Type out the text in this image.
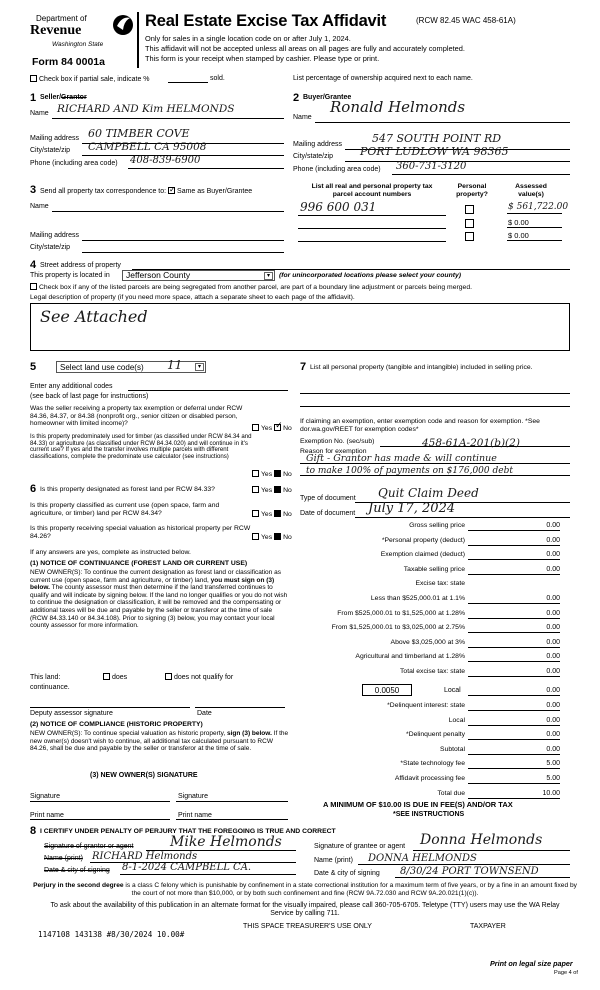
Department of
Revenue
Washington State
Form 84 0001a
Real Estate Excise Tax Affidavit	(RCW 82.45 WAC 458-61A)
Only for sales in a single location code on or after July 1, 2024.
This affidavit will not be accepted unless all areas on all pages are fully and accurately completed.
This form is your receipt when stamped by cashier. Please type or print.
Check box if partial sale, indicate %	sold.	List percentage of ownership acquired next to each name.
1 Seller/Grantor
Name RICHARD AND Kim HELMONDS
Mailing address 60 TIMBER COVE
City/state/zip CAMPBELL CA 95008
Phone (including area code) 408-839-6900
2 Buyer/Grantee
Name
Ronald Helmonds
Mailing address	547 SOUTH POINT RD
City/state/zip PORT LUDLOW WA 98365
Phone (including area code) 360-731-3120
3 Send all property tax correspondence to: ✓ Same as Buyer/Grantee
Name
Mailing address
City/state/zip
List all real and personal property tax parcel account numbers
Personal property?
Assessed value(s)
996 600 031	$ 561,722.00
$ 0.00
$ 0.00
4 Street address of property
This property is located in Jefferson County	▾	(for unincorporated locations please select your county)
Check box if any of the listed parcels are being segregated from another parcel, are part of a boundary line adjustment or parcels being merged.
Legal description of property (if you need more space, attach a separate sheet to each page of the affidavit).
See Attached
5	Select land use code(s) 11	▾
Enter any additional codes
(see back of last page for instructions)
Was the seller receiving a property tax exemption or deferral under RCW 84.36, 84.37, or 84.38 (nonprofit org., senior citizen or disabled person, homeowner with limited income)?
Yes ✓ No
Is this property predominately used for timber (as classified under RCW 84.34 and 84.33) or agriculture (as classified under RCW 84.34.020) and will continue in it's current use? If yes and the transfer involves multiple parcels with different classifications, complete the predominate use calculator (see instructions)
Yes No
6 Is this property designated as forest land per RCW 84.33?	Yes No
Is this property classified as current use (open space, farm and agriculture, or timber) land per RCW 84.34?	Yes No
Is this property receiving special valuation as historical property per RCW 84.26?	Yes No
If any answers are yes, complete as instructed below.
(1) NOTICE OF CONTINUANCE (FOREST LAND OR CURRENT USE)
NEW OWNER(S): To continue the current designation as forest land or classification as current use (open space, farm and agriculture, or timber) land, you must sign on (3) below. The county assessor must then determine if the land transferred continues to qualify and will indicate by signing below. If the land no longer qualifies or you do not wish to continue the designation or classification, it will be removed and the compensating or additional taxes will be due and payable by the seller or transferor at the time of sale (RCW 84.33.140 or 84.34.108). Prior to signing (3) below, you may contact your local county assessor for more information.
This land:	does	does not qualify for
continuance.
Deputy assessor signature	Date
(2) NOTICE OF COMPLIANCE (HISTORIC PROPERTY)
NEW OWNER(S): To continue special valuation as historic property, sign (3) below. If the new owner(s) doesn't wish to continue, all additional tax calculated pursuant to RCW 84.26, shall be due and payable by the seller or transferor at the time of sale.
(3) NEW OWNER(S) SIGNATURE
Signature	Signature
Print name	Print name
7 List all personal property (tangible and intangible) included in selling price.
If claiming an exemption, enter exemption code and reason for exemption. *See dor.wa.gov/REET for exemption codes*
Exemption No. (sec/sub)	458-61A-201(b)(2)
Reason for exemption
Gift - Grantor has made & will continue
to make 100% of payments on $176,000 debt
Type of document Quit Claim Deed
Date of document July 17, 2024
Gross selling price	0.00
*Personal property (deduct)	0.00
Exemption claimed (deduct)	0.00
Taxable selling price	0.00
Excise tax: state
Less than $525,000.01 at 1.1%	0.00
From $525,000.01 to $1,525,000 at 1.28%	0.00
From $1,525,000.01 to $3,025,000 at 2.75%	0.00
Above $3,025,000 at 3%	0.00
Agricultural and timberland at 1.28%	0.00
Total excise tax: state	0.00
0.0050	Local	0.00
*Delinquent interest: state	0.00
Local	0.00
*Delinquent penalty	0.00
Subtotal	0.00
*State technology fee	5.00
Affidavit processing fee	5.00
Total due	10.00
A MINIMUM OF $10.00 IS DUE IN FEE(S) AND/OR TAX
*SEE INSTRUCTIONS
8 I CERTIFY UNDER PENALTY OF PERJURY THAT THE FOREGOING IS TRUE AND CORRECT
Signature of grantor or agent	Mike Helmonds
Name (print) RICHARD Helmonds
Date & city of signing 8-1-2024 CAMPBELL CA.
Signature of grantee or agent Donna Helmonds
Name (print) DONNA HELMONDS
Date & city of signing 8/30/24 PORT TOWNSEND
Perjury in the second degree is a class C felony which is punishable by confinement in a state correctional institution for a maximum term of five years, or by a fine in an amount fixed by the court of not more than $10,000, or by both such confinement and fine (RCW 9A.72.030 and RCW 9A.20.021(1)(c)).
To ask about the availability of this publication in an alternate format for the visually impaired, please call 360-705-6705. Teletype (TTY) users may use the WA Relay Service by calling 711.
1147108 143138 #8/30/2024 10.00#
THIS SPACE TREASURER'S USE ONLY	TAXPAYER
Print on legal size paper
Page 4 of
